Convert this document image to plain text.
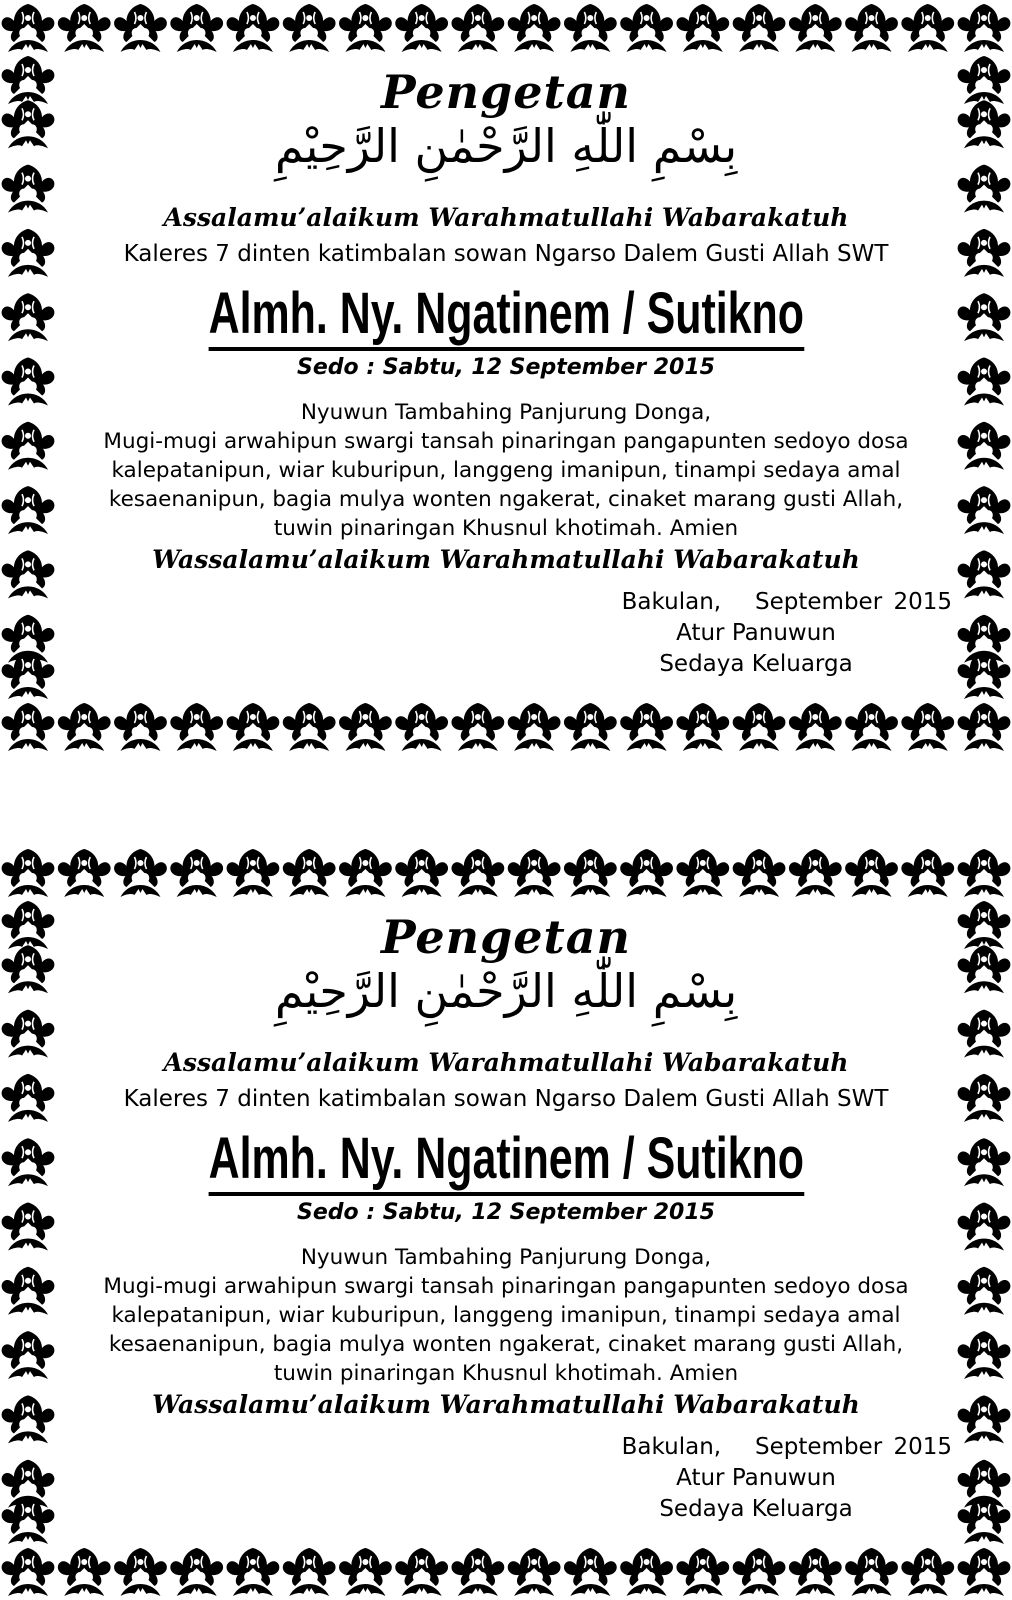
Pengetan
بِسْمِ اللّٰهِ الرَّحْمٰنِ الرَّحِيْمِ
Assalamu’alaikum Warahmatullahi Wabarakatuh
Kaleres 7 dinten katimbalan sowan Ngarso Dalem Gusti Allah SWT
Almh. Ny. Ngatinem / Sutikno
Sedo : Sabtu, 12 September 2015
Nyuwun Tambahing Panjurung Donga,
Mugi-mugi arwahipun swargi tansah pinaringan pangapunten sedoyo dosa
kalepatanipun, wiar kuburipun, langgeng imanipun, tinampi sedaya amal
kesaenanipun, bagia mulya wonten ngakerat, cinaket marang gusti Allah,
tuwin pinaringan Khusnul khotimah. Amien
Wassalamu’alaikum Warahmatullahi Wabarakatuh
Bakulan,   September 2015
Atur Panuwun
Sedaya Keluarga
Pengetan
بِسْمِ اللّٰهِ الرَّحْمٰنِ الرَّحِيْمِ
Assalamu’alaikum Warahmatullahi Wabarakatuh
Kaleres 7 dinten katimbalan sowan Ngarso Dalem Gusti Allah SWT
Almh. Ny. Ngatinem / Sutikno
Sedo : Sabtu, 12 September 2015
Nyuwun Tambahing Panjurung Donga,
Mugi-mugi arwahipun swargi tansah pinaringan pangapunten sedoyo dosa
kalepatanipun, wiar kuburipun, langgeng imanipun, tinampi sedaya amal
kesaenanipun, bagia mulya wonten ngakerat, cinaket marang gusti Allah,
tuwin pinaringan Khusnul khotimah. Amien
Wassalamu’alaikum Warahmatullahi Wabarakatuh
Bakulan,   September 2015
Atur Panuwun
Sedaya Keluarga
